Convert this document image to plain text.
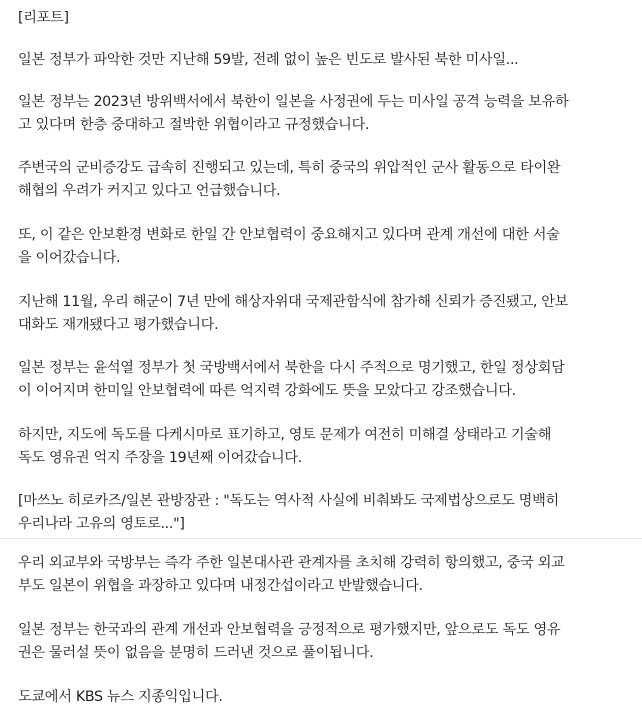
[리포트]

일본 정부가 파악한 것만 지난해 59발, 전례 없이 높은 빈도로 발사된 북한 미사일...

일본 정부는 2023년 방위백서에서 북한이 일본을 사정권에 두는 미사일 공격 능력을 보유하
고 있다며 한층 중대하고 절박한 위협이라고 규정했습니다.

주변국의 군비증강도 급속히 진행되고 있는데, 특히 중국의 위압적인 군사 활동으로 타이완
해협의 우려가 커지고 있다고 언급했습니다.

또, 이 같은 안보환경 변화로 한일 간 안보협력이 중요해지고 있다며 관계 개선에 대한 서술
을 이어갔습니다.

지난해 11월, 우리 해군이 7년 만에 해상자위대 국제관함식에 참가해 신뢰가 증진됐고, 안보
대화도 재개됐다고 평가했습니다.

일본 정부는 윤석열 정부가 첫 국방백서에서 북한을 다시 주적으로 명기했고, 한일 정상회담
이 이어지며 한미일 안보협력에 따른 억지력 강화에도 뜻을 모았다고 강조했습니다.

하지만, 지도에 독도를 다케시마로 표기하고, 영토 문제가 여전히 미해결 상태라고 기술해
독도 영유권 억지 주장을 19년째 이어갔습니다.

[마쓰노 히로카즈/일본 관방장관 : "독도는 역사적 사실에 비춰봐도 국제법상으로도 명백히
우리나라 고유의 영토로..."]

우리 외교부와 국방부는 즉각 주한 일본대사관 관계자를 초치해 강력히 항의했고, 중국 외교
부도 일본이 위협을 과장하고 있다며 내정간섭이라고 반발했습니다.

일본 정부는 한국과의 관계 개선과 안보협력을 긍정적으로 평가했지만, 앞으로도 독도 영유
권은 물러설 뜻이 없음을 분명히 드러낸 것으로 풀이됩니다.

도쿄에서 KBS 뉴스 지종익입니다.
